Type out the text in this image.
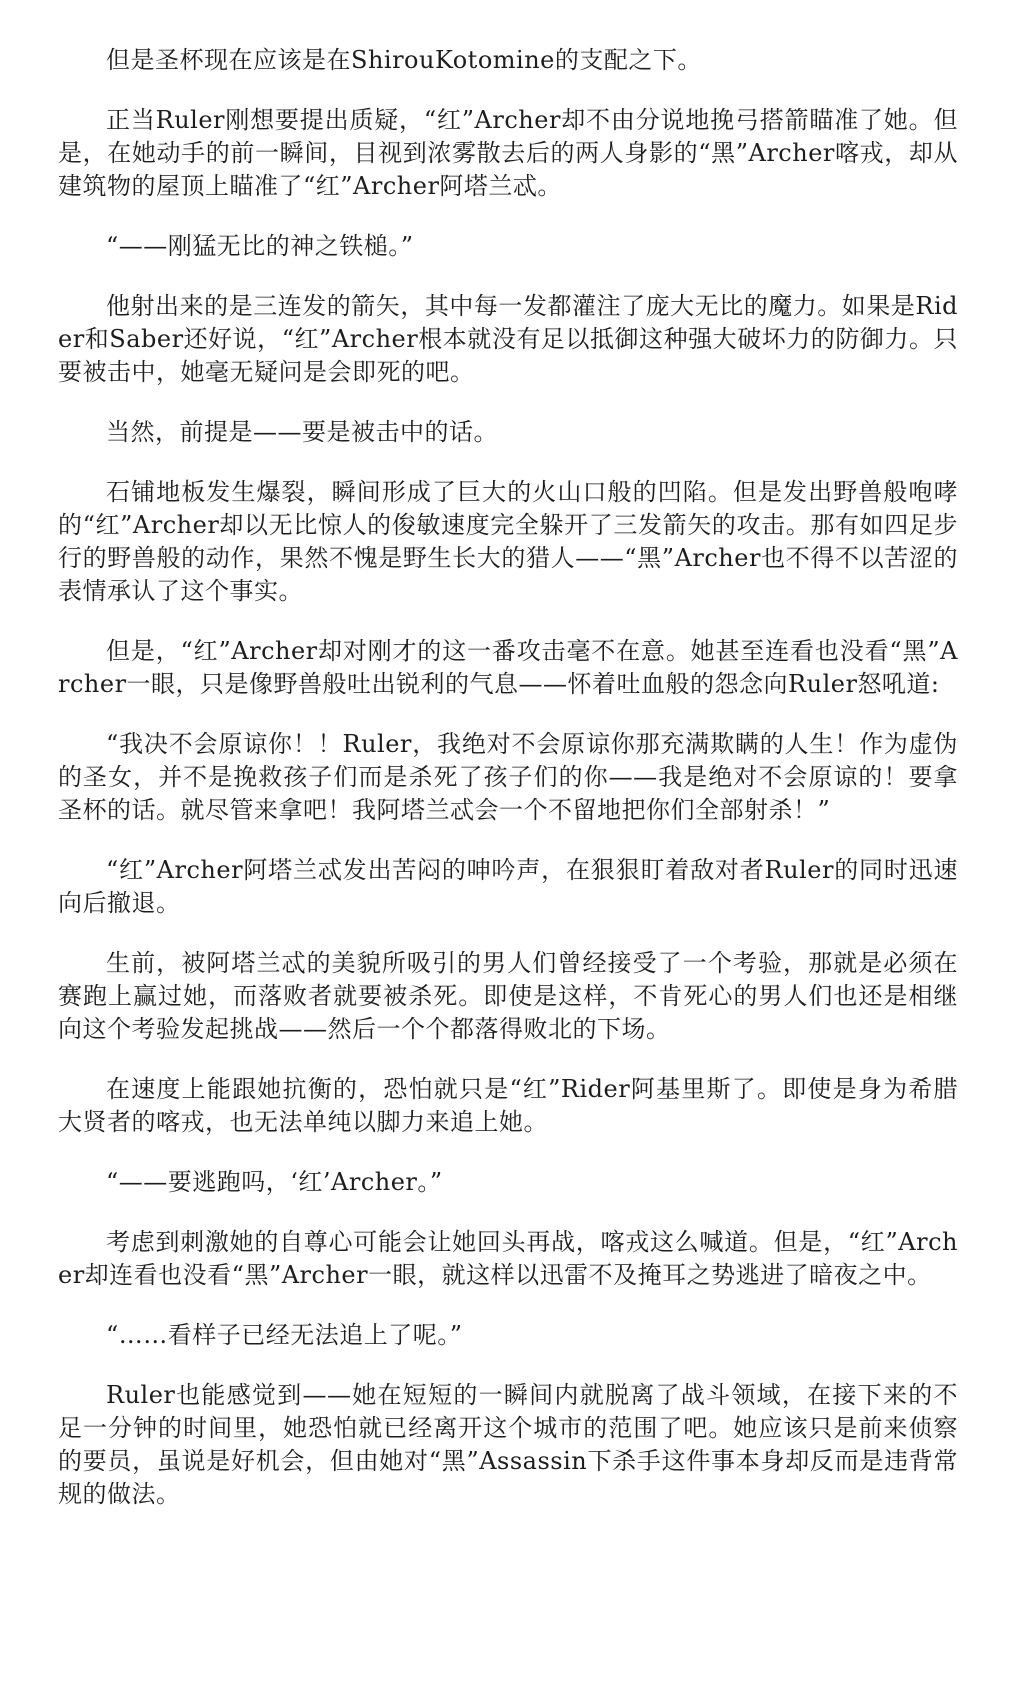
但是圣杯现在应该是在ShirouKotomine的支配之下。

正当Ruler刚想要提出质疑，“红”Archer却不由分说地挽弓搭箭瞄准了她。但是，在她动手的前一瞬间，目视到浓雾散去后的两人身影的“黑”Archer喀戎，却从建筑物的屋顶上瞄准了“红”Archer阿塔兰忒。

“——刚猛无比的神之铁槌。”

他射出来的是三连发的箭矢，其中每一发都灌注了庞大无比的魔力。如果是Rider和Saber还好说，“红”Archer根本就没有足以抵御这种强大破坏力的防御力。只要被击中，她毫无疑问是会即死的吧。

当然，前提是——要是被击中的话。

石铺地板发生爆裂，瞬间形成了巨大的火山口般的凹陷。但是发出野兽般咆哮的“红”Archer却以无比惊人的俊敏速度完全躲开了三发箭矢的攻击。那有如四足步行的野兽般的动作，果然不愧是野生长大的猎人——“黑”Archer也不得不以苦涩的表情承认了这个事实。

但是，“红”Archer却对刚才的这一番攻击毫不在意。她甚至连看也没看“黑”Archer一眼，只是像野兽般吐出锐利的气息——怀着吐血般的怨念向Ruler怒吼道:

“我决不会原谅你！！Ruler，我绝对不会原谅你那充满欺瞒的人生！作为虚伪的圣女，并不是挽救孩子们而是杀死了孩子们的你——我是绝对不会原谅的！要拿圣杯的话。就尽管来拿吧！我阿塔兰忒会一个不留地把你们全部射杀！”

“红”Archer阿塔兰忒发出苦闷的呻吟声，在狠狠盯着敌对者Ruler的同时迅速向后撤退。

生前，被阿塔兰忒的美貌所吸引的男人们曾经接受了一个考验，那就是必须在赛跑上赢过她，而落败者就要被杀死。即使是这样，不肯死心的男人们也还是相继向这个考验发起挑战——然后一个个都落得败北的下场。

在速度上能跟她抗衡的，恐怕就只是“红”Rider阿基里斯了。即使是身为希腊大贤者的喀戎，也无法单纯以脚力来追上她。

“——要逃跑吗，‘红’Archer。”

考虑到刺激她的自尊心可能会让她回头再战，喀戎这么喊道。但是，“红”Archer却连看也没看“黑”Archer一眼，就这样以迅雷不及掩耳之势逃进了暗夜之中。

“……看样子已经无法追上了呢。”

Ruler也能感觉到——她在短短的一瞬间内就脱离了战斗领域，在接下来的不足一分钟的时间里，她恐怕就已经离开这个城市的范围了吧。她应该只是前来侦察的要员，虽说是好机会，但由她对“黑”Assassin下杀手这件事本身却反而是违背常规的做法。
